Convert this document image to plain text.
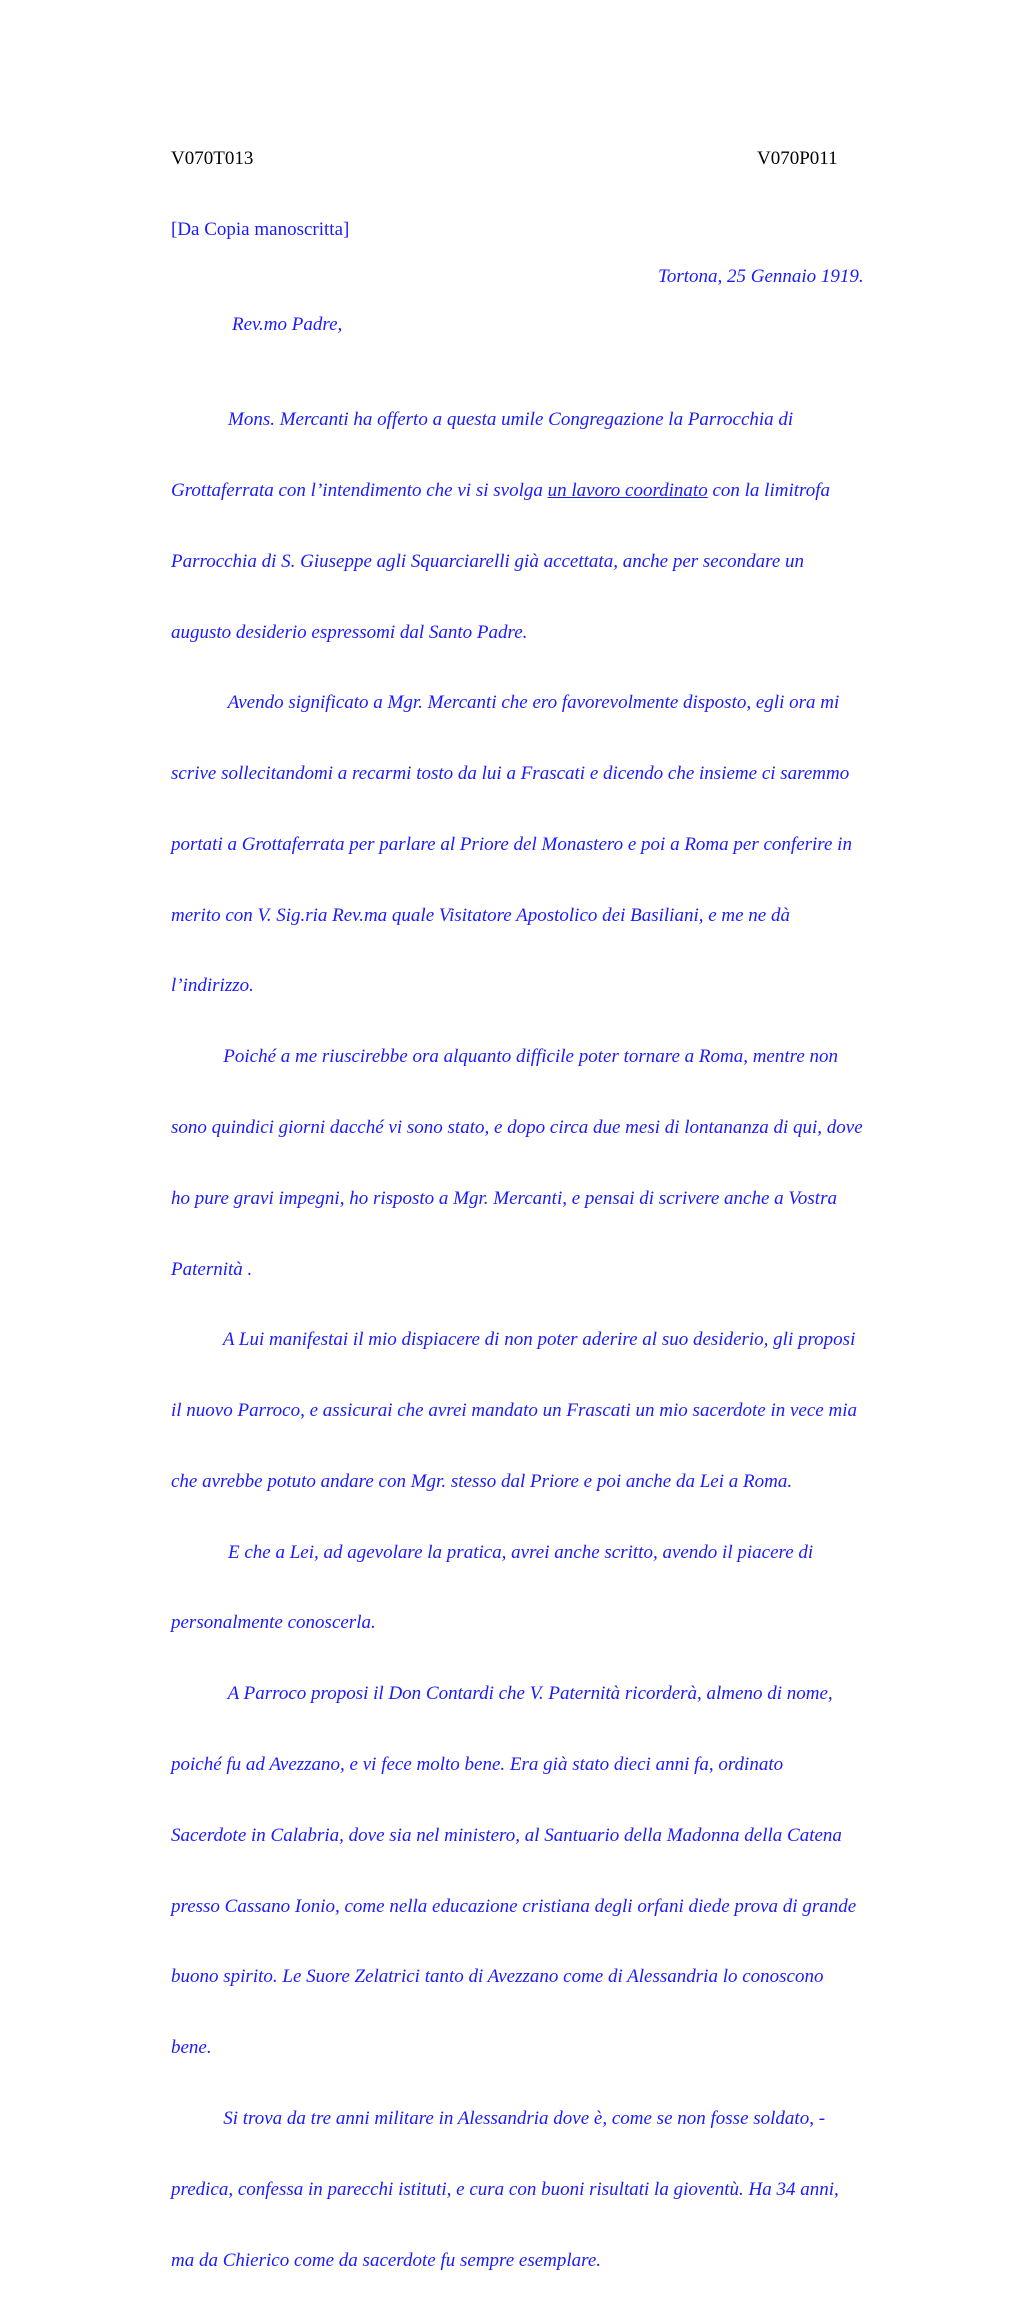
V070T013	V070P011
[Da Copia manoscritta]
Tortona, 25 Gennaio 1919.
Rev.mo Padre,

Mons. Mercanti ha offerto a questa umile Congregazione la Parrocchia di

Grottaferrata con l’intendimento che vi si svolga un lavoro coordinato con la limitrofa

Parrocchia di S. Giuseppe agli Squarciarelli già accettata, anche per secondare un

augusto desiderio espressomi dal Santo Padre.

Avendo significato a Mgr. Mercanti che ero favorevolmente disposto, egli ora mi

scrive sollecitandomi a recarmi tosto da lui a Frascati e dicendo che insieme ci saremmo

portati a Grottaferrata per parlare al Priore del Monastero e poi a Roma per conferire in

merito con V. Sig.ria Rev.ma quale Visitatore Apostolico dei Basiliani, e me ne dà

l’indirizzo.

Poiché a me riuscirebbe ora alquanto difficile poter tornare a Roma, mentre non

sono quindici giorni dacché vi sono stato, e dopo circa due mesi di lontananza di qui, dove

ho pure gravi impegni, ho risposto a Mgr. Mercanti, e pensai di scrivere anche a Vostra

Paternità .

A Lui manifestai il mio dispiacere di non poter aderire al suo desiderio, gli proposi

il nuovo Parroco, e assicurai che avrei mandato un Frascati un mio sacerdote in vece mia

che avrebbe potuto andare con Mgr. stesso dal Priore e poi anche da Lei a Roma.

E che a Lei, ad agevolare la pratica, avrei anche scritto, avendo il piacere di

personalmente conoscerla.

A Parroco proposi il Don Contardi che V. Paternità ricorderà, almeno di nome,

poiché fu ad Avezzano, e vi fece molto bene. Era già stato dieci anni fa, ordinato

Sacerdote in Calabria, dove sia nel ministero, al Santuario della Madonna della Catena

presso Cassano Ionio, come nella educazione cristiana degli orfani diede prova di grande

buono spirito. Le Suore Zelatrici tanto di Avezzano come di Alessandria lo conoscono

bene.

Si trova da tre anni militare in Alessandria dove è, come se non fosse soldato, -

predica, confessa in parecchi istituti, e cura con buoni risultati la gioventù. Ha 34 anni,

ma da Chierico come da sacerdote fu sempre esemplare.
